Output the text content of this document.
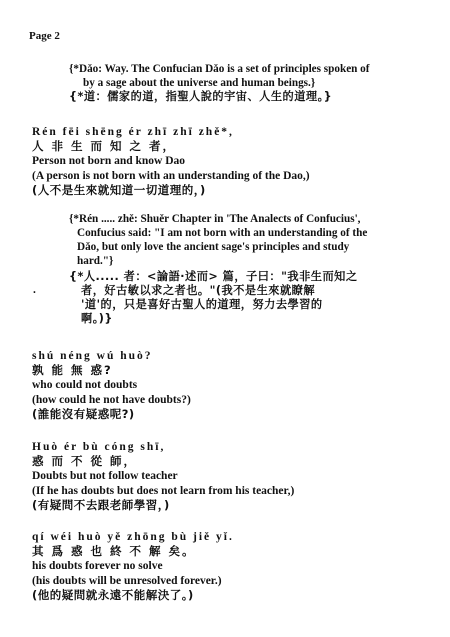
Page 2
{*Dǎo: Way. The Confucian Dǎo is a set of principles spoken of
by a sage about the universe and human beings.}
{*道：儒家的道，指聖人說的宇宙、人生的道理。}
Rén fēi shēng ér zhī zhī zhě*,
人 非 生 而 知 之 者，
Person not born and know Dao
(A person is not born with an understanding of the Dao,)
(人不是生來就知道一切道理的，)
{*Rén ..... zhě: Shuěr Chapter in 'The Analects of Confucius',
Confucius said: "I am not born with an understanding of the
Dǎo, but only love the ancient sage's principles and study
hard."}
{*人..... 者：<論語·述而> 篇，子曰："我非生而知之
者，好古敏以求之者也。"(我不是生來就瞭解
'道'的，只是喜好古聖人的道理，努力去學習的
啊。)}
.
shú néng wú huò?
孰 能 無 惑?
who could not doubts
(how could he not have doubts?)
(誰能沒有疑惑呢?)
Huò ér bù cóng shī,
惑 而 不 從 師，
Doubts but not follow teacher
(If he has doubts but does not learn from his teacher,)
(有疑問不去跟老師學習，)
qí wéi huò yě zhōng bù jiě yǐ.
其 爲 惑 也 終 不 解 矣。
his doubts forever no solve
(his doubts will be unresolved forever.)
(他的疑問就永遠不能解決了。)
